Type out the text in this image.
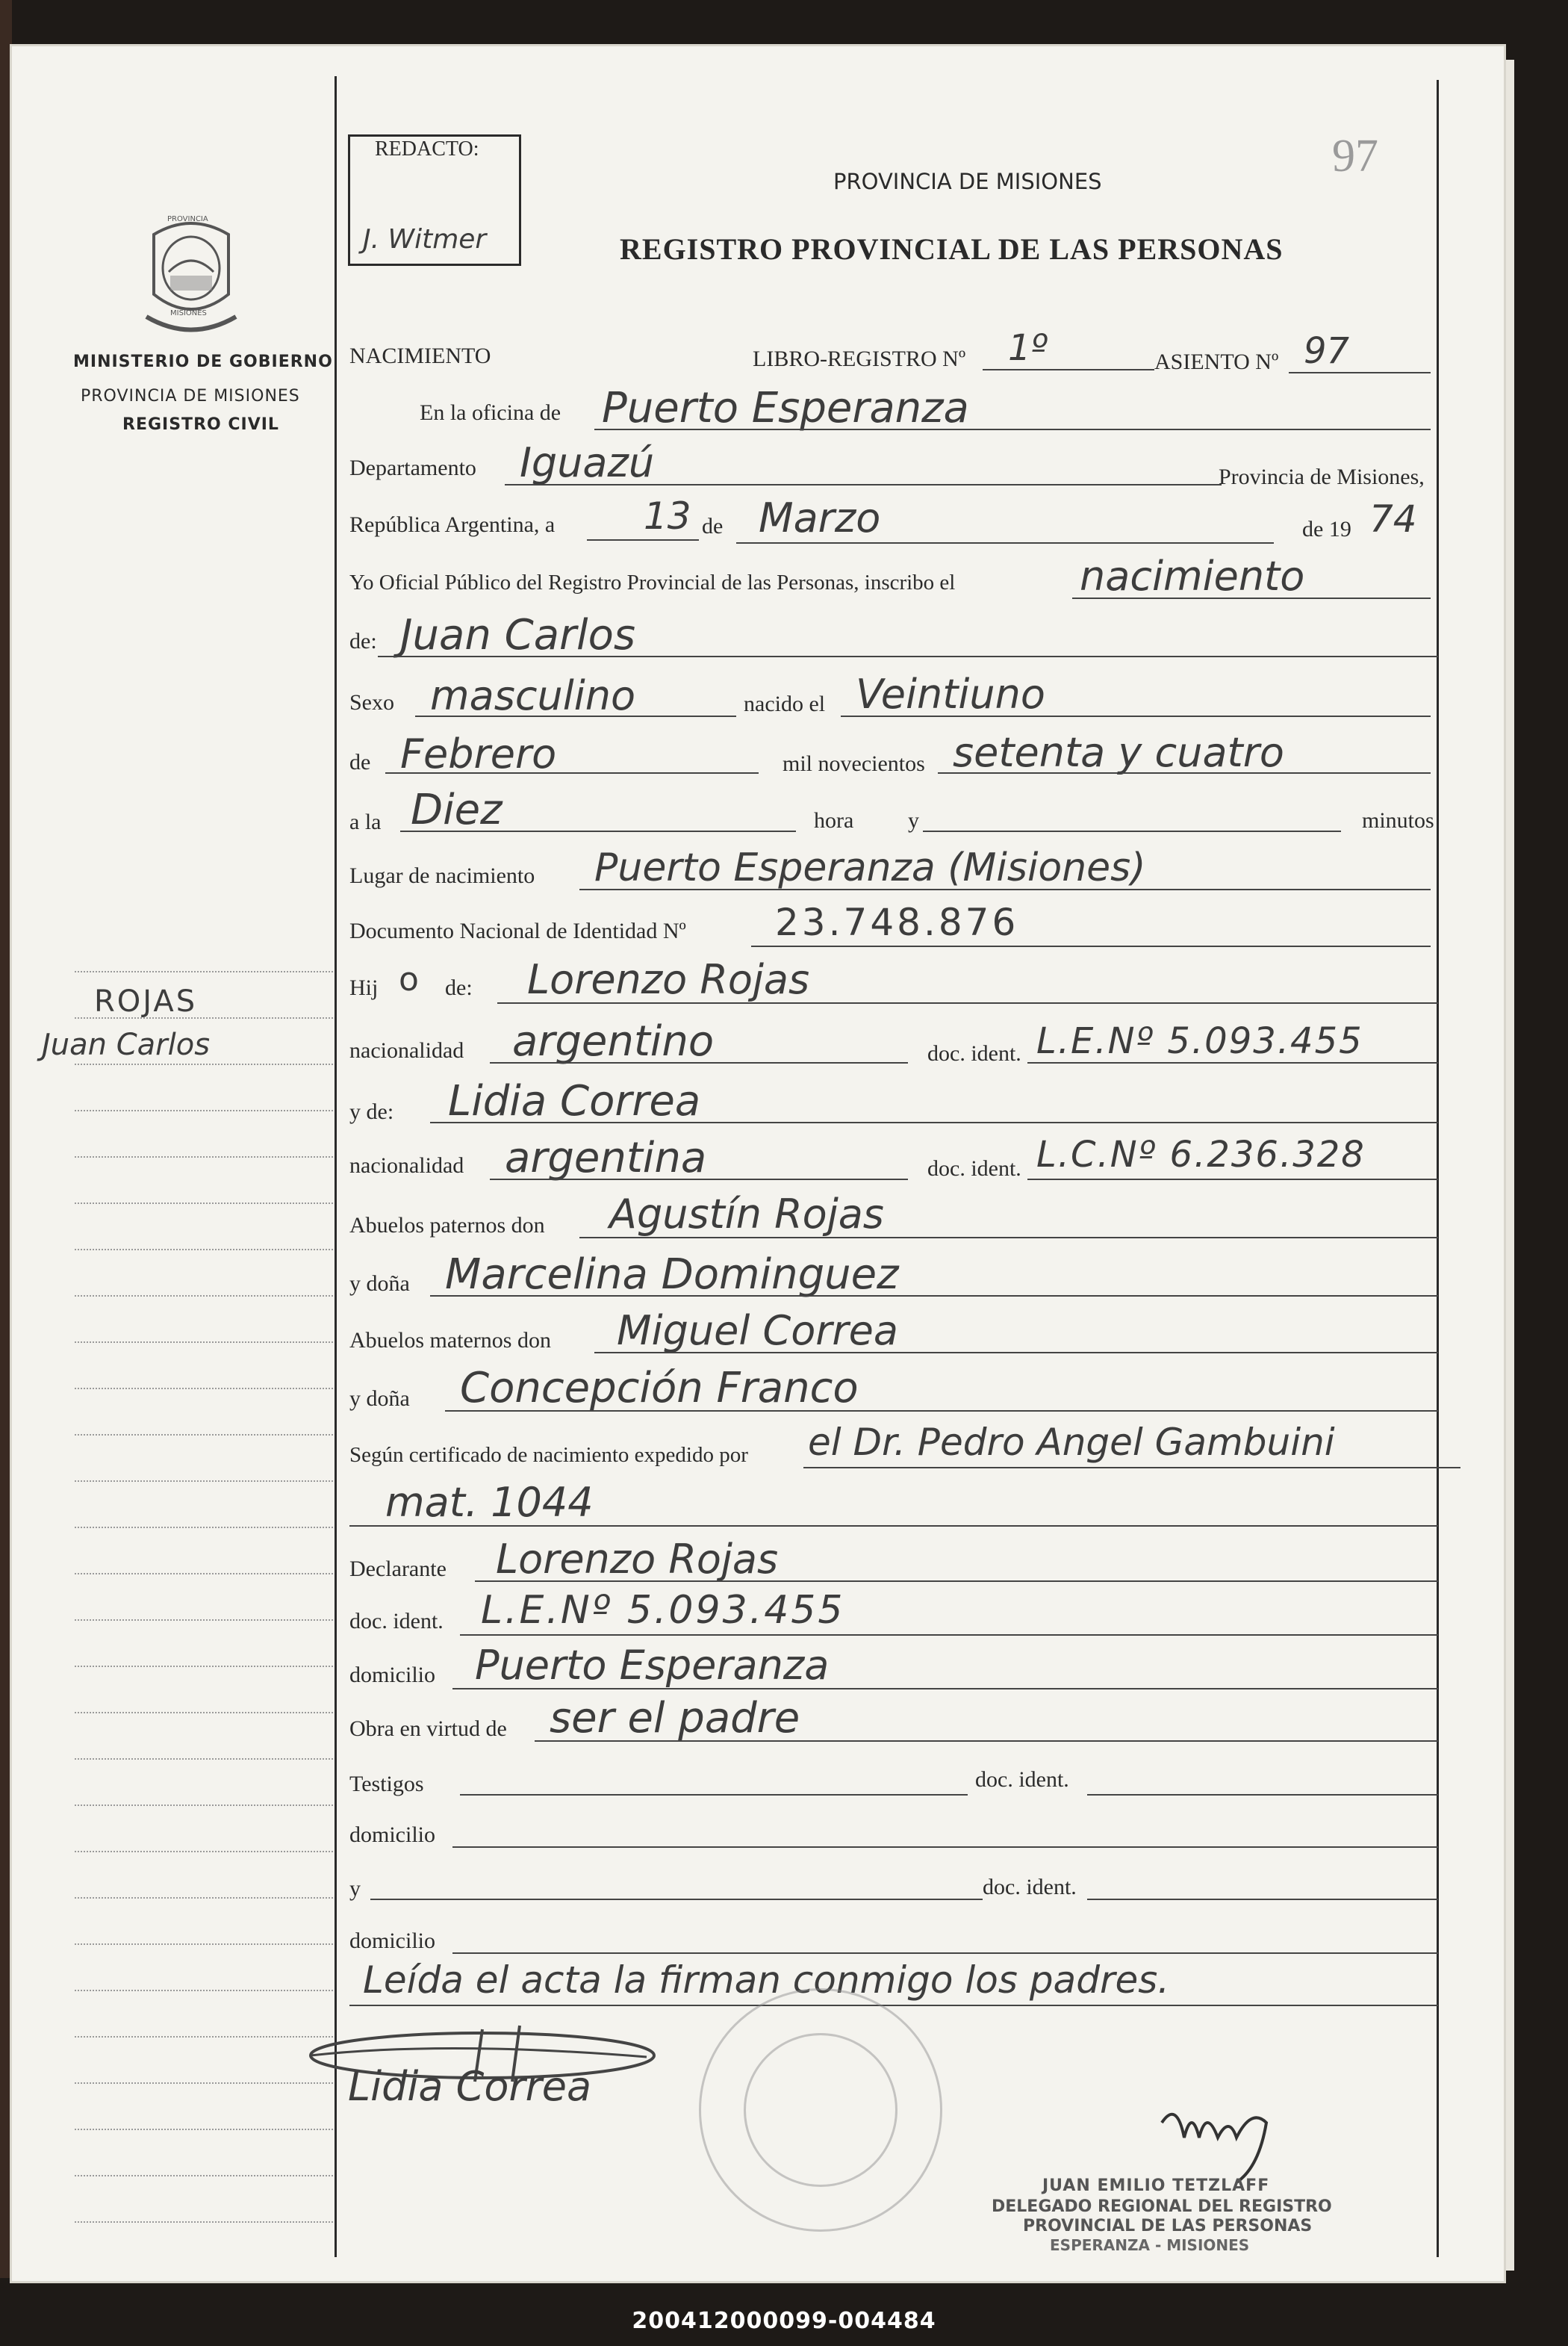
PROVINCIA
MISIONES
MINISTERIO DE GOBIERNO
PROVINCIA DE MISIONES
REGISTRO CIVIL
ROJAS
Juan Carlos
REDACTO:
J. Witmer
PROVINCIA DE MISIONES
REGISTRO PROVINCIAL DE LAS PERSONAS
97
NACIMIENTO	LIBRO-REGISTRO Nº 1º	ASIENTO Nº 97
En la oficina de Puerto Esperanza
Departamento Iguazú	Provincia de Misiones,
República Argentina, a 13 de Marzo	de 19 74
Yo Oficial Público del Registro Provincial de las Personas, inscribo el	nacimiento
de: Juan Carlos
Sexo masculino	nacido el Veintiuno
de Febrero	mil novecientos setenta y cuatro
a la Diez	hora y	minutos
Lugar de nacimiento Puerto Esperanza (Misiones)
Documento Nacional de Identidad Nº 23.748.876
Hij o de: Lorenzo Rojas
nacionalidad argentino	doc. ident. L.E.Nº 5.093.455
y de: Lidia Correa
nacionalidad argentina	doc. ident. L.C.Nº 6.236.328
Abuelos paternos don Agustín Rojas
y doña Marcelina Dominguez
Abuelos maternos don Miguel Correa
y doña Concepción Franco
Según certificado de nacimiento expedido por el Dr. Pedro Angel Gambuini
mat. 1044
Declarante Lorenzo Rojas
doc. ident. L.E.Nº 5.093.455
domicilio Puerto Esperanza
Obra en virtud de ser el padre
Testigos	doc. ident.
domicilio
y	doc. ident.
domicilio
Leída el acta la firman conmigo los padres.
Lidia Correa
JUAN EMILIO TETZLAFF
DELEGADO REGIONAL DEL REGISTRO
PROVINCIAL DE LAS PERSONAS
ESPERANZA - MISIONES
200412000099-004484
